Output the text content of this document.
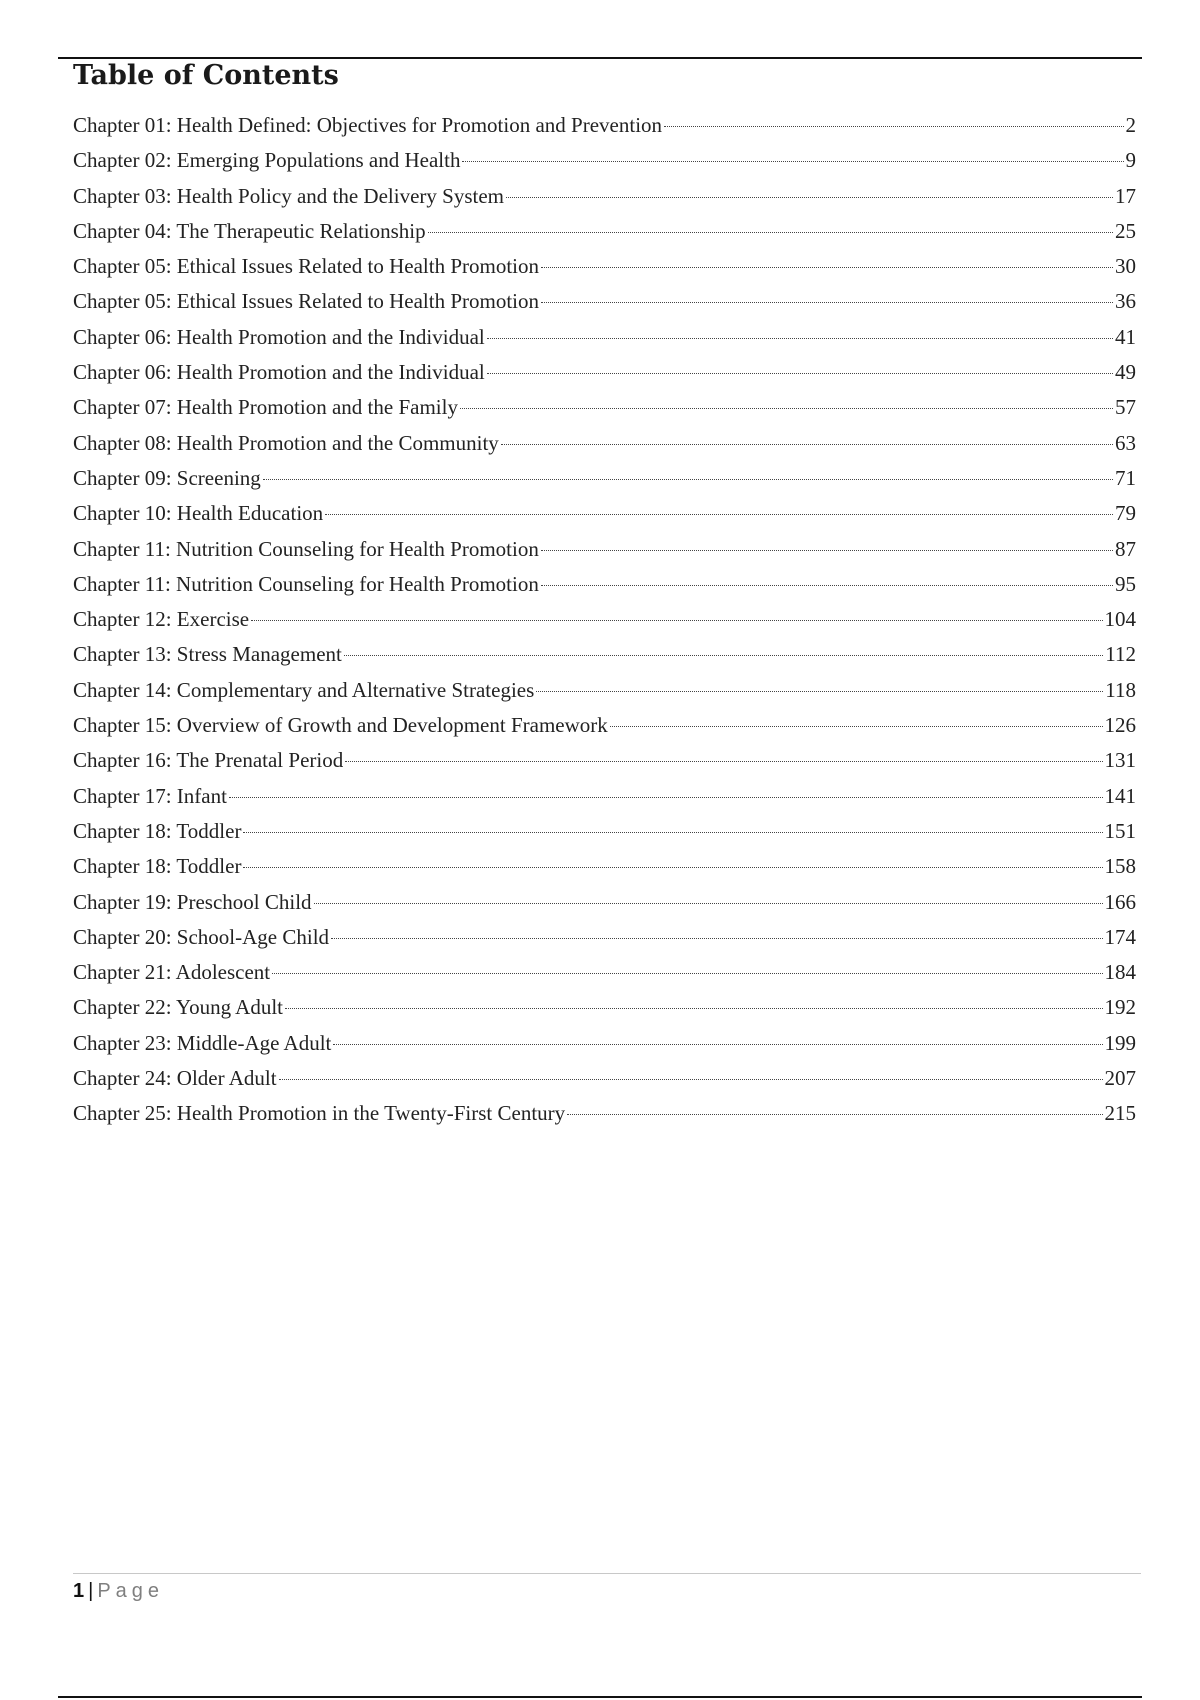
Table of Contents
Chapter 01: Health Defined: Objectives for Promotion and Prevention	2
Chapter 02: Emerging Populations and Health	9
Chapter 03: Health Policy and the Delivery System	17
Chapter 04: The Therapeutic Relationship	25
Chapter 05: Ethical Issues Related to Health Promotion	30
Chapter 05: Ethical Issues Related to Health Promotion	36
Chapter 06: Health Promotion and the Individual	41
Chapter 06: Health Promotion and the Individual	49
Chapter 07: Health Promotion and the Family	57
Chapter 08: Health Promotion and the Community	63
Chapter 09: Screening	71
Chapter 10: Health Education	79
Chapter 11: Nutrition Counseling for Health Promotion	87
Chapter 11: Nutrition Counseling for Health Promotion	95
Chapter 12: Exercise	104
Chapter 13: Stress Management	112
Chapter 14: Complementary and Alternative Strategies	118
Chapter 15: Overview of Growth and Development Framework	126
Chapter 16: The Prenatal Period	131
Chapter 17: Infant	141
Chapter 18: Toddler	151
Chapter 18: Toddler	158
Chapter 19: Preschool Child	166
Chapter 20: School-Age Child	174
Chapter 21: Adolescent	184
Chapter 22: Young Adult	192
Chapter 23: Middle-Age Adult	199
Chapter 24: Older Adult	207
Chapter 25: Health Promotion in the Twenty-First Century	215
1 | Page
